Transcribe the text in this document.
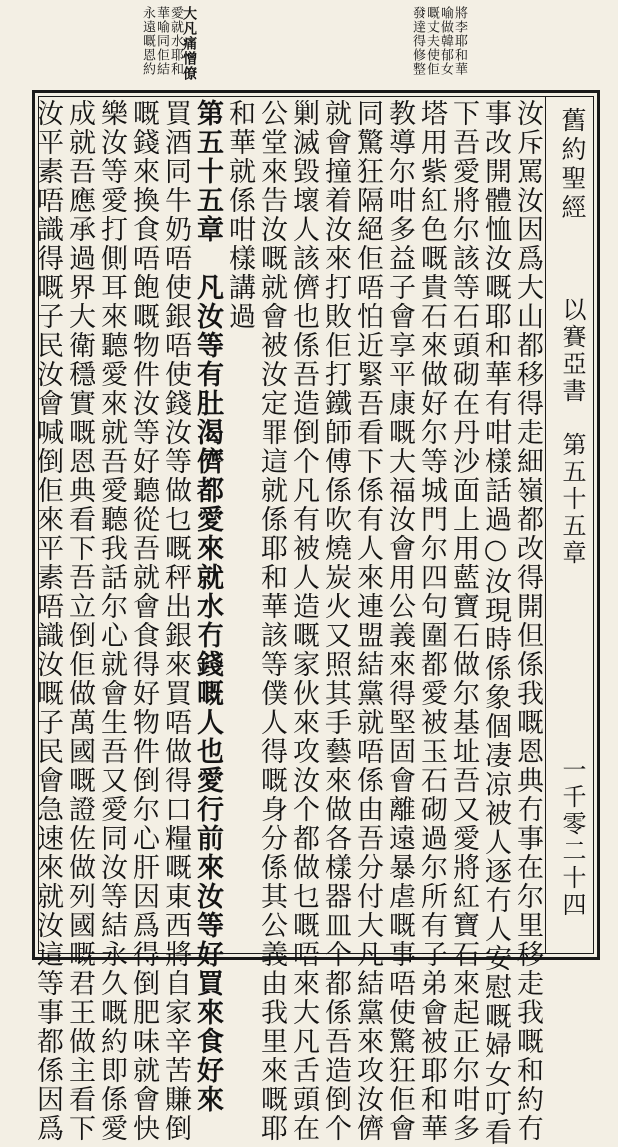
大凡痛憎僚
愛就水耶和
華喻同佢結
永遠嘅恩約	將李耶和華
喻做韓郁女
嘅丈夫使佢
發達得修整
舊約聖經
以賽亞書
第五十五章
一千零二十四
汝斥罵汝因爲大山都移得走細嶺都改得開但係我嘅恩典冇事在尔里移走我嘅和約冇
事改開體恤汝嘅耶和華有咁樣話過○汝現時係象個凄凉被人逐冇人安慰嘅婦女叮看
下吾愛將尔該等石頭砌在丹沙面上用藍寶石做尔基址吾又愛將紅寶石來起正尔咁多
塔用紫紅色嘅貴石來做好尔等城門尔四句圍都愛被玉石砌過尔所有子弟會被耶和華
教導尔咁多益子會享平康嘅大福汝會用公義來得堅固會離遠暴虐嘅事唔使驚狂佢會
同驚狂隔絕佢唔怕近緊吾看下係有人來連盟結黨就唔係由吾分付大凡結黨來攻汝儕
就會撞着汝來打敗佢打鐵師傅係吹燒炭火又照其手藝來做各樣器皿个都係吾造倒个
剿滅毀壞人該儕也係吾造倒个凡有被人造嘅家伙來攻汝个都做乜嘅唔來大凡舌頭在
公堂來告汝嘅就會被汝定罪這就係耶和華該等僕人得嘅身分係其公義由我里來嘅耶
和華就係咁樣講過
第五十五章　凡汝等有肚渴儕都愛來就水冇錢嘅人也愛行前來汝等好買來食好來
買酒同牛奶唔使銀唔使錢汝等做乜嘅秤出銀來買唔做得口糧嘅東西將自家辛苦賺倒
嘅錢來換食唔飽嘅物件汝等好聽從吾就會食得好物件倒尔心肝因爲得倒肥味就會快
樂汝等愛打側耳來聽愛來就吾愛聽我話尔心就會生吾又愛同汝等結永久嘅約即係愛
成就吾應承過界大衛穩實嘅恩典看下吾立倒佢做萬國嘅證佐做列國嘅君王做主看下
汝平素唔識得嘅子民汝會喊倒佢來平素唔識汝嘅子民會急速來就汝這等事都係因爲
